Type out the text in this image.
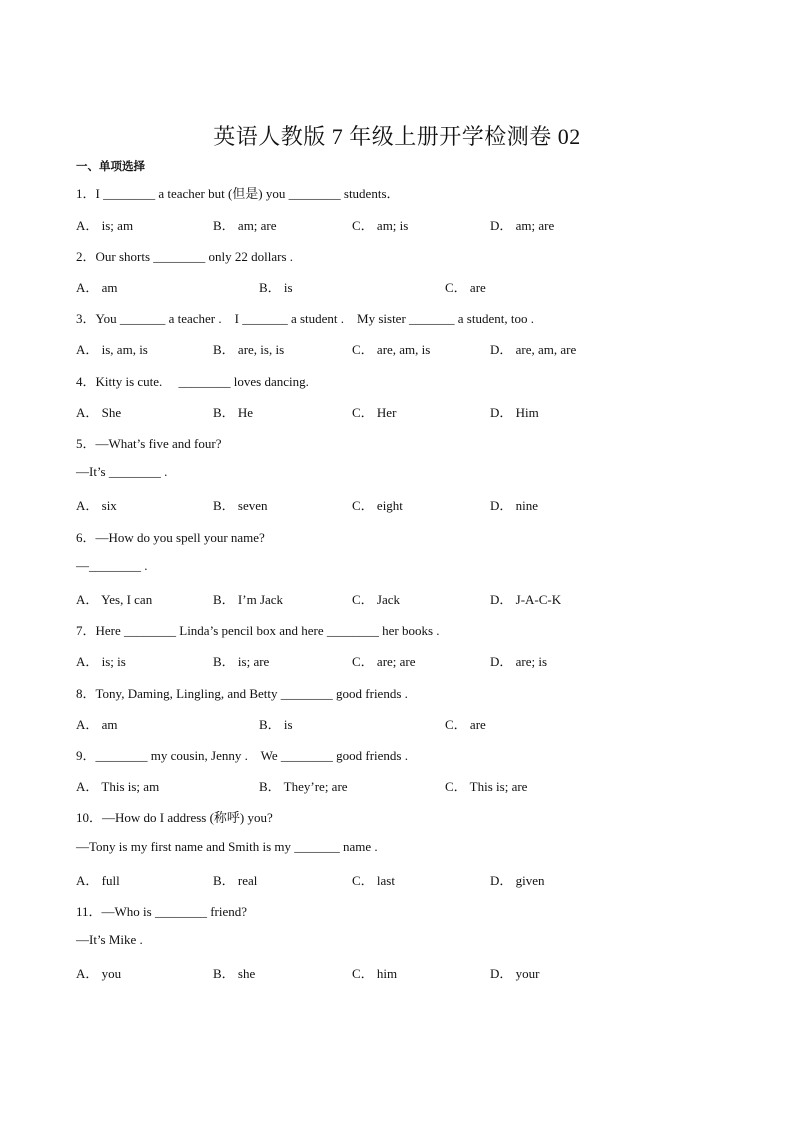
英语人教版 7 年级上册开学检测卷 02
一、单项选择
1．I ________ a teacher but (但是) you ________ students．
A． is; am	B． am; are	C． am; is	D． am; are
2．Our shorts ________ only 22 dollars .
A． am	B． is	C． are
3．You _______ a teacher .    I _______ a student .    My sister _______ a student, too .
A． is, am, is	B． are, is, is	C． are, am, is	D． are, am, are
4．Kitty is cute.     ________ loves dancing.
A． She	B． He	C． Her	D． Him
5．—What’s five and four?
—It’s ________ .
A． six	B． seven	C． eight	D． nine
6．—How do you spell your name?
—________ .
A． Yes, I can	B． I’m Jack	C． Jack	D． J-A-C-K
7．Here ________ Linda’s pencil box and here ________ her books .
A． is; is	B． is; are	C． are; are	D． are; is
8．Tony, Daming, Lingling, and Betty ________ good friends .
A． am	B． is	C． are
9．________ my cousin, Jenny .    We ________ good friends .
A． This is; am	B． They’re; are	C． This is; are
10．—How do I address (称呼) you?
—Tony is my first name and Smith is my _______ name .
A． full	B． real	C． last	D． given
11．—Who is ________ friend?
—It’s Mike .
A． you	B． she	C． him	D． your
